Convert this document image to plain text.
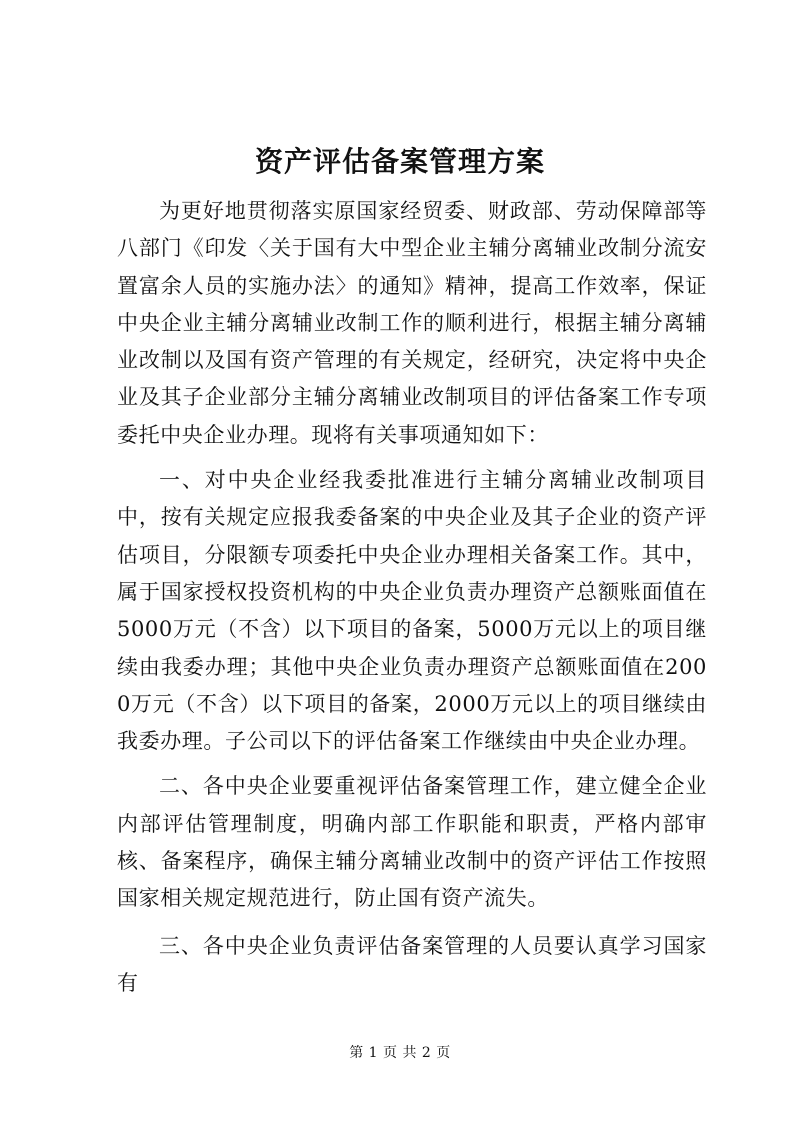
资产评估备案管理方案

为更好地贯彻落实原国家经贸委、财政部、劳动保障部等八部门《印发〈关于国有大中型企业主辅分离辅业改制分流安置富余人员的实施办法〉的通知》精神，提高工作效率，保证中央企业主辅分离辅业改制工作的顺利进行，根据主辅分离辅业改制以及国有资产管理的有关规定，经研究，决定将中央企业及其子企业部分主辅分离辅业改制项目的评估备案工作专项委托中央企业办理。现将有关事项通知如下：

一、对中央企业经我委批准进行主辅分离辅业改制项目中，按有关规定应报我委备案的中央企业及其子企业的资产评估项目，分限额专项委托中央企业办理相关备案工作。其中，属于国家授权投资机构的中央企业负责办理资产总额账面值在5000万元（不含）以下项目的备案，5000万元以上的项目继续由我委办理；其他中央企业负责办理资产总额账面值在2000万元（不含）以下项目的备案，2000万元以上的项目继续由我委办理。子公司以下的评估备案工作继续由中央企业办理。

二、各中央企业要重视评估备案管理工作，建立健全企业内部评估管理制度，明确内部工作职能和职责，严格内部审核、备案程序，确保主辅分离辅业改制中的资产评估工作按照国家相关规定规范进行，防止国有资产流失。

三、各中央企业负责评估备案管理的人员要认真学习国家有

第 1 页 共 2 页
